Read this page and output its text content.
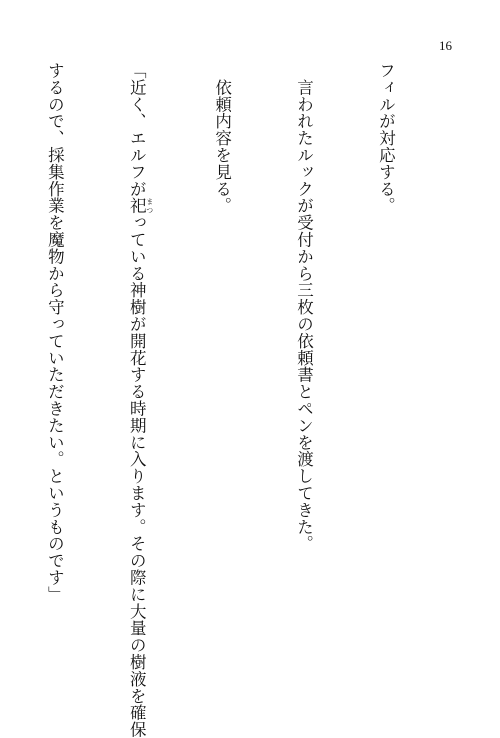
16

フィルが対応する。

　言われたルックが受付から三枚の依頼書とペンを渡してきた。

　依頼内容を見る。

「近く、エルフが祀 まつっている神樹が開花する時期に入ります。その際に大量の樹液を確保

するので、採集作業を魔物から守っていただきたい。というものです」
